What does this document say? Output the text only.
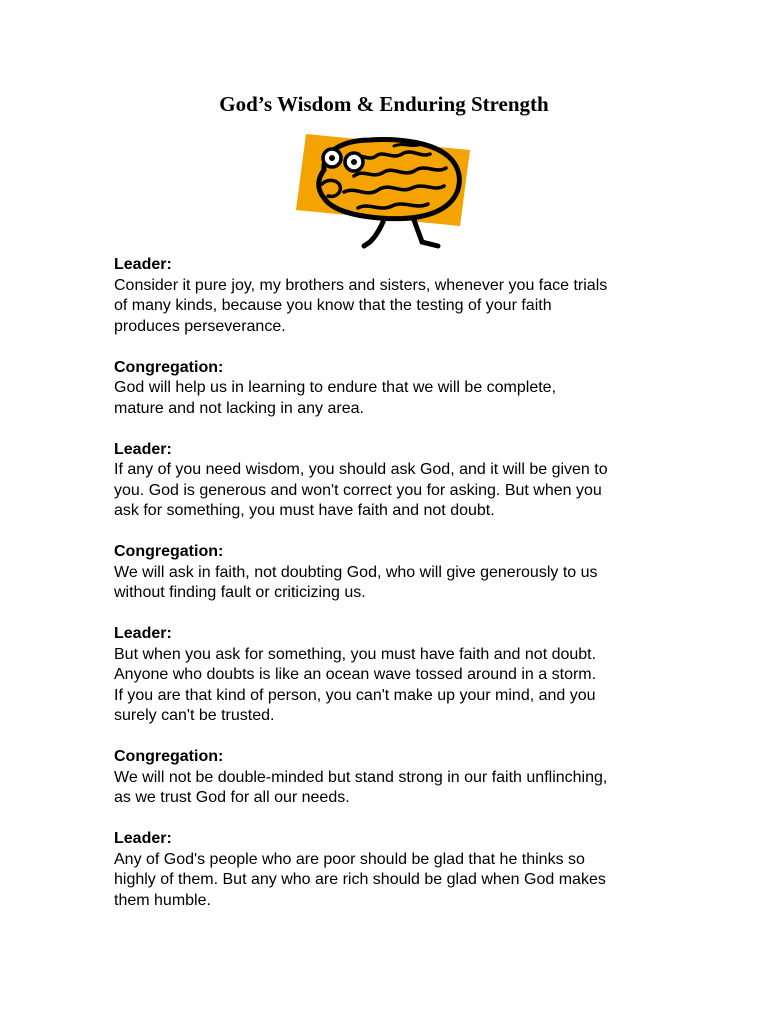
God’s Wisdom & Enduring Strength
Leader:
Consider it pure joy, my brothers and sisters, whenever you face trials
of many kinds, because you know that the testing of your faith
produces perseverance.
Congregation:
God will help us in learning to endure that we will be complete,
mature and not lacking in any area.
Leader:
If any of you need wisdom, you should ask God, and it will be given to
you. God is generous and won't correct you for asking. But when you
ask for something, you must have faith and not doubt.
Congregation:
We will ask in faith, not doubting God, who will give generously to us
without finding fault or criticizing us.
Leader:
But when you ask for something, you must have faith and not doubt.
Anyone who doubts is like an ocean wave tossed around in a storm.
If you are that kind of person, you can't make up your mind, and you
surely can't be trusted.
Congregation:
We will not be double-minded but stand strong in our faith unflinching,
as we trust God for all our needs.
Leader:
Any of God's people who are poor should be glad that he thinks so
highly of them. But any who are rich should be glad when God makes
them humble.
